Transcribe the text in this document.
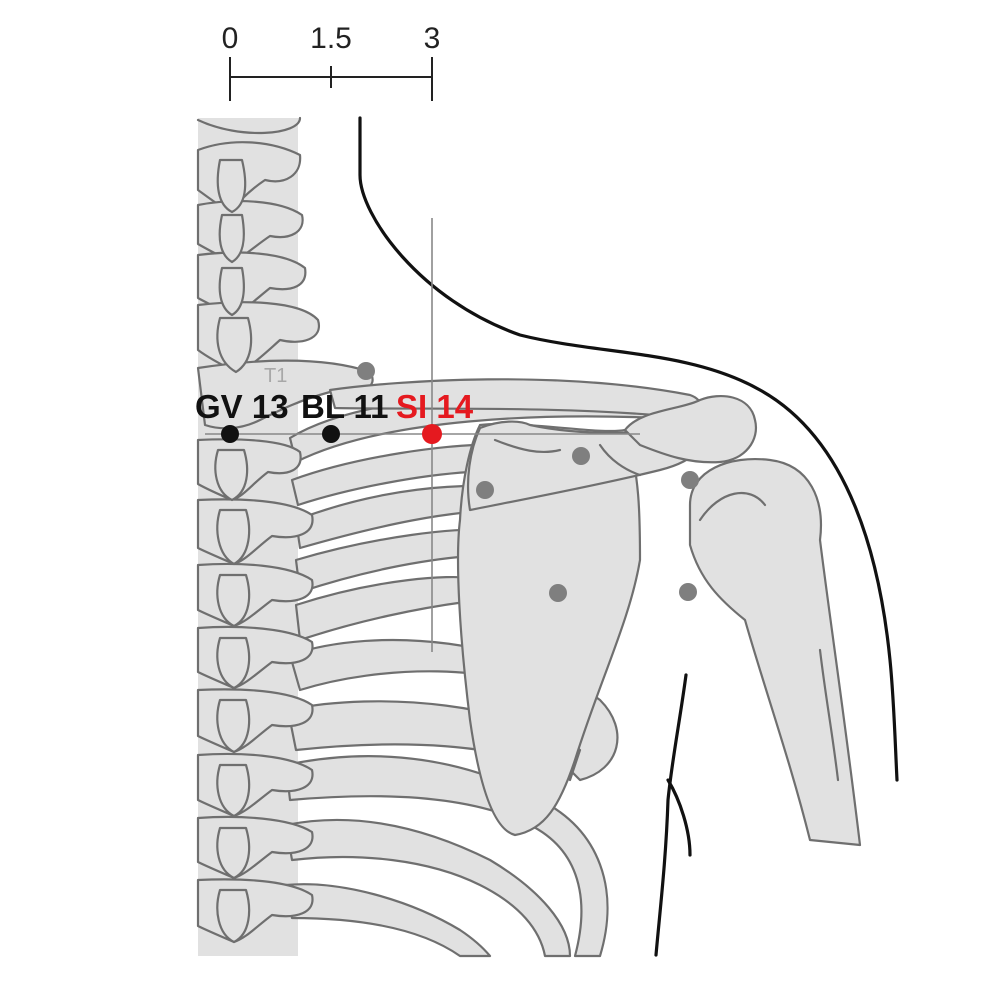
0 1.5 3
T1
GV 13 BL 11 SI 14
